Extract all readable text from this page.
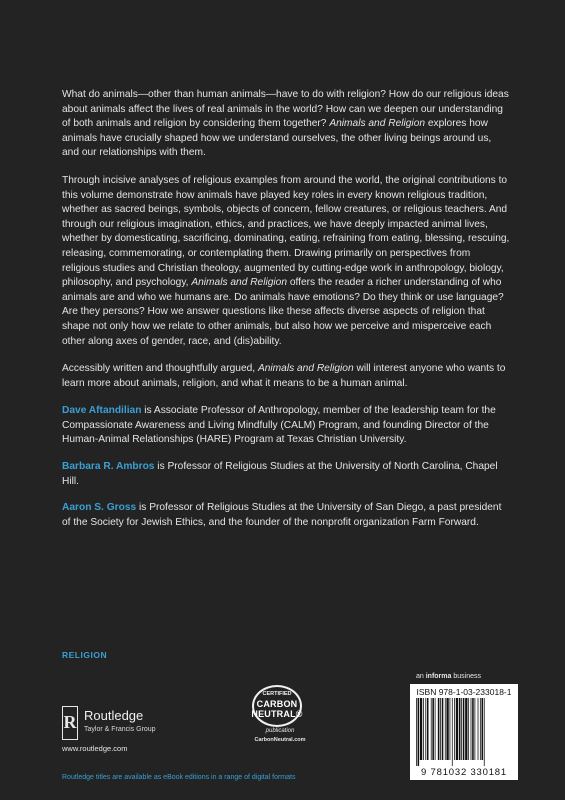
What do animals—other than human animals—have to do with religion? How do our religious ideas about animals affect the lives of real animals in the world? How can we deepen our understanding of both animals and religion by considering them together? Animals and Religion explores how animals have crucially shaped how we understand ourselves, the other living beings around us, and our relationships with them.

Through incisive analyses of religious examples from around the world, the original contributions to this volume demonstrate how animals have played key roles in every known religious tradition, whether as sacred beings, symbols, objects of concern, fellow creatures, or religious teachers. And through our religious imagination, ethics, and practices, we have deeply impacted animal lives, whether by domesticating, sacrificing, dominating, eating, refraining from eating, blessing, rescuing, releasing, commemorating, or contemplating them. Drawing primarily on perspectives from religious studies and Christian theology, augmented by cutting-edge work in anthropology, biology, philosophy, and psychology, Animals and Religion offers the reader a richer understanding of who animals are and who we humans are. Do animals have emotions? Do they think or use language? Are they persons? How we answer questions like these affects diverse aspects of religion that shape not only how we relate to other animals, but also how we perceive and misperceive each other along axes of gender, race, and (dis)ability.

Accessibly written and thoughtfully argued, Animals and Religion will interest anyone who wants to learn more about animals, religion, and what it means to be a human animal.

Dave Aftandilian is Associate Professor of Anthropology, member of the leadership team for the Compassionate Awareness and Living Mindfully (CALM) Program, and founding Director of the Human-Animal Relationships (HARE) Program at Texas Christian University.

Barbara R. Ambros is Professor of Religious Studies at the University of North Carolina, Chapel Hill.

Aaron S. Gross is Professor of Religious Studies at the University of San Diego, a past president of the Society for Jewish Ethics, and the founder of the nonprofit organization Farm Forward.

RELIGION
R Routledge
Taylor & Francis Group
www.routledge.com
Routledge titles are available as eBook editions in a range of digital formats
CERTIFIED
CARBON
NEUTRAL®
publication
CarbonNeutral.com
an informa business
ISBN 978-1-03-233018-1
9 781032 330181
